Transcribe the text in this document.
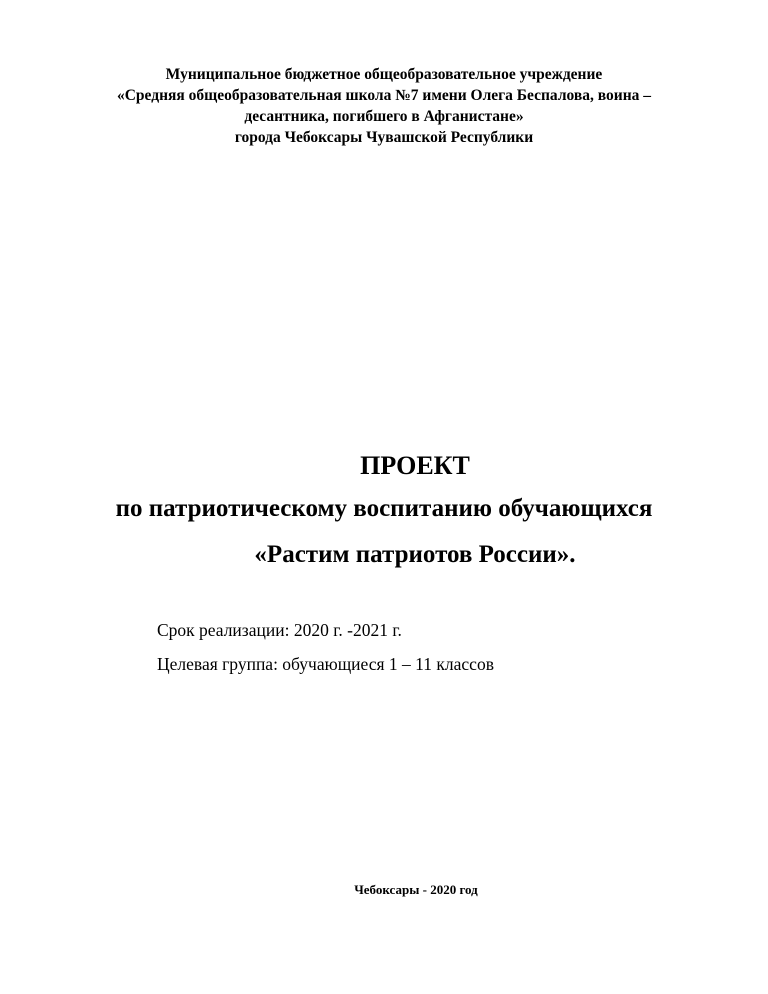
Муниципальное бюджетное общеобразовательное учреждение
«Средняя общеобразовательная школа №7 имени Олега Беспалова, воина –
десантника, погибшего в Афганистане»
города Чебоксары Чувашской Республики
ПРОЕКТ
по патриотическому воспитанию обучающихся
«Растим патриотов России».
Срок реализации: 2020 г. -2021 г.
Целевая группа: обучающиеся 1 – 11 классов
Чебоксары - 2020 год
